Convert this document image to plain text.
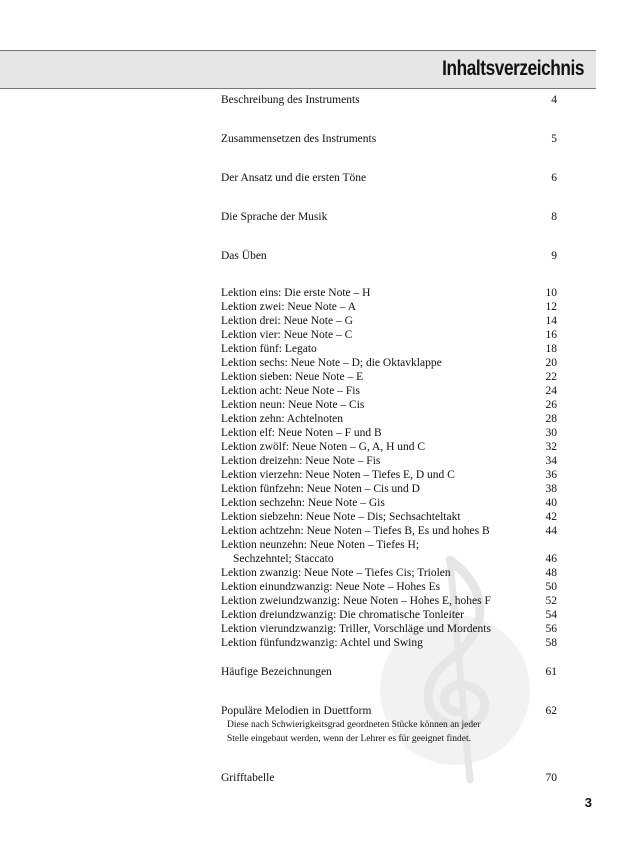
Inhaltsverzeichnis
Beschreibung des Instruments	4
Zusammensetzen des Instruments	5
Der Ansatz und die ersten Töne	6
Die Sprache der Musik	8
Das Üben	9
Lektion eins: Die erste Note – H	10
Lektion zwei: Neue Note – A	12
Lektion drei: Neue Note – G	14
Lektion vier: Neue Note – C	16
Lektion fünf: Legato	18
Lektion sechs: Neue Note – D; die Oktavklappe	20
Lektion sieben: Neue Note – E	22
Lektion acht: Neue Note – Fis	24
Lektion neun: Neue Note – Cis	26
Lektion zehn: Achtelnoten	28
Lektion elf: Neue Noten – F und B	30
Lektion zwölf: Neue Noten – G, A, H und C	32
Lektion dreizehn: Neue Note – Fis	34
Lektion vierzehn: Neue Noten – Tiefes E, D und C	36
Lektion fünfzehn: Neue Noten – Cis und D	38
Lektion sechzehn: Neue Note – Gis	40
Lektion siebzehn: Neue Note – Dis; Sechsachteltakt	42
Lektion achtzehn: Neue Noten – Tiefes B, Es und hohes B	44
Lektion neunzehn: Neue Noten – Tiefes H;
Sechzehntel; Staccato	46
Lektion zwanzig: Neue Note – Tiefes Cis; Triolen	48
Lektion einundzwanzig: Neue Note – Hohes Es	50
Lektion zweiundzwanzig: Neue Noten – Hohes E, hohes F	52
Lektion dreiundzwanzig: Die chromatische Tonleiter	54
Lektion vierundzwanzig: Triller, Vorschläge und Mordents	56
Lektion fünfundzwanzig: Achtel und Swing	58
Häufige Bezeichnungen	61
Populäre Melodien in Duettform	62
Diese nach Schwierigkeitsgrad geordneten Stücke können an jeder
Stelle eingebaut werden, wenn der Lehrer es für geeignet findet.
Grifftabelle	70
3
